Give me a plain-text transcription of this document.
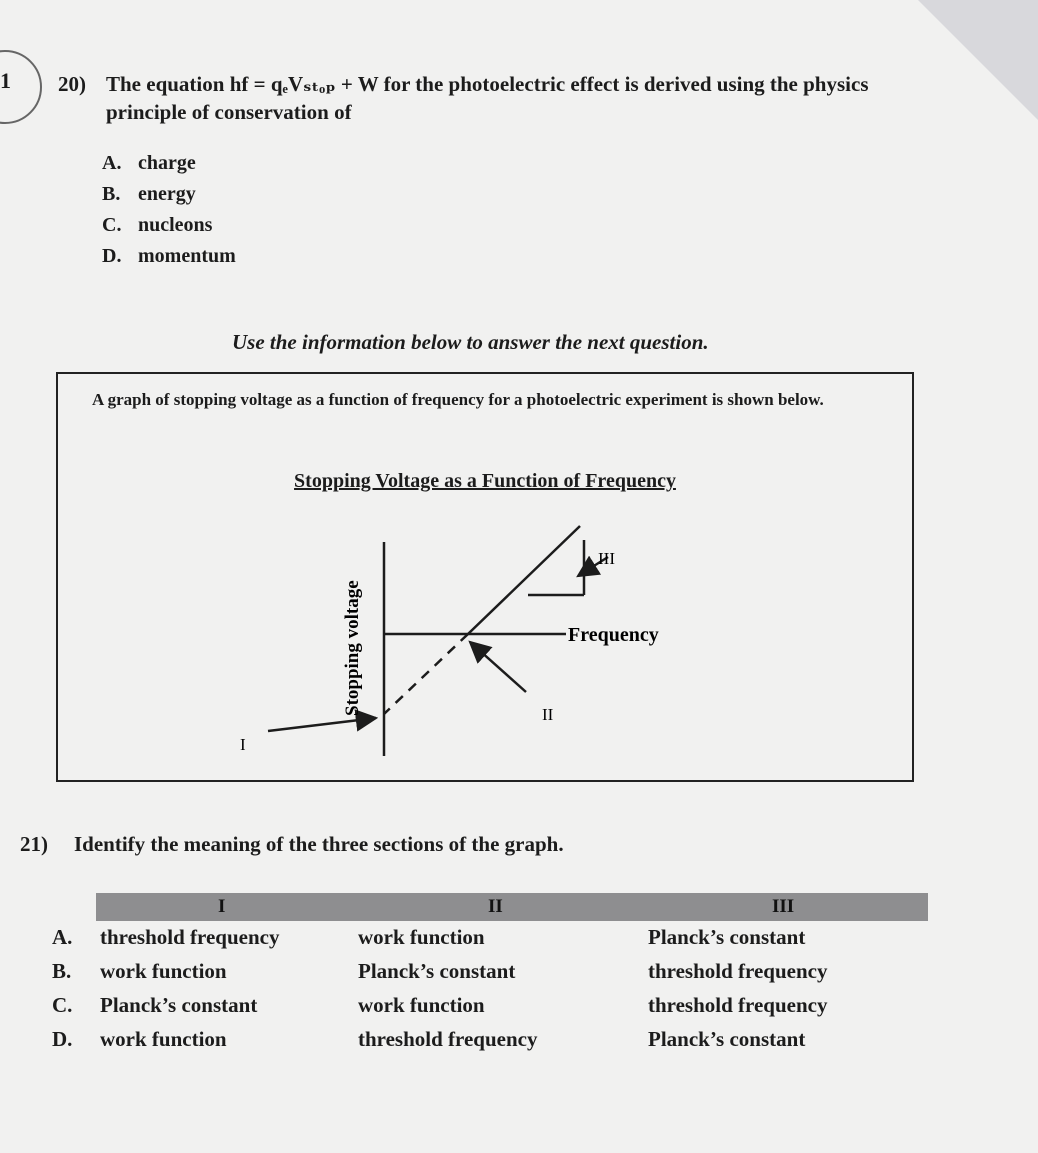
1 20) The equation hf = qₑVₛₜₒₚ + W for the photoelectric effect is derived using the physics
principle of conservation of
A. charge
B. energy
C. nucleons
D. momentum
Use the information below to answer the next question.
A graph of stopping voltage as a function of frequency for a photoelectric experiment is shown below.
Stopping Voltage as a Function of Frequency
III
II
I
Frequency
Stopping voltage
21) Identify the meaning of the three sections of the graph.
I	II	III
A.	threshold frequency	work function	Planck’s constant
B.	work function	Planck’s constant	threshold frequency
C.	Planck’s constant	work function	threshold frequency
D.	work function	threshold frequency	Planck’s constant
